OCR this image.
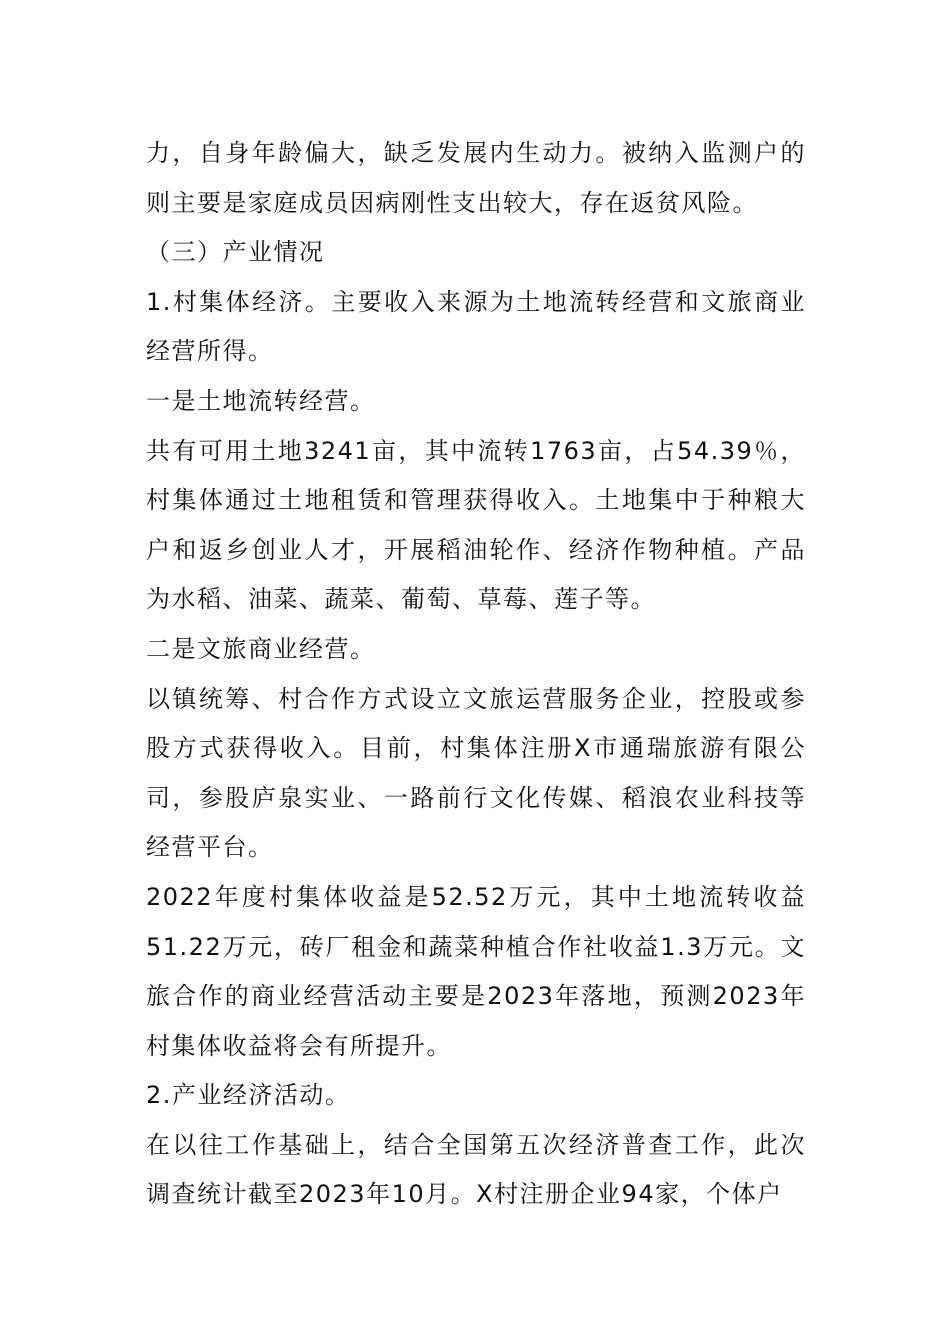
力，自身年龄偏大，缺乏发展内生动力。被纳入监测户的则主要是家庭成员因病刚性支出较大，存在返贫风险。

（三）产业情况

1.村集体经济。主要收入来源为土地流转经营和文旅商业经营所得。

一是土地流转经营。

共有可用土地3241亩，其中流转1763亩，占54.39％，村集体通过土地租赁和管理获得收入。土地集中于种粮大户和返乡创业人才，开展稻油轮作、经济作物种植。产品为水稻、油菜、蔬菜、葡萄、草莓、莲子等。

二是文旅商业经营。

以镇统筹、村合作方式设立文旅运营服务企业，控股或参股方式获得收入。目前，村集体注册X市通瑞旅游有限公司，参股庐泉实业、一路前行文化传媒、稻浪农业科技等经营平台。

2022年度村集体收益是52.52万元，其中土地流转收益51.22万元，砖厂租金和蔬菜种植合作社收益1.3万元。文旅合作的商业经营活动主要是2023年落地，预测2023年村集体收益将会有所提升。

2.产业经济活动。

在以往工作基础上，结合全国第五次经济普查工作，此次调查统计截至2023年10月。X村注册企业94家，个体户
